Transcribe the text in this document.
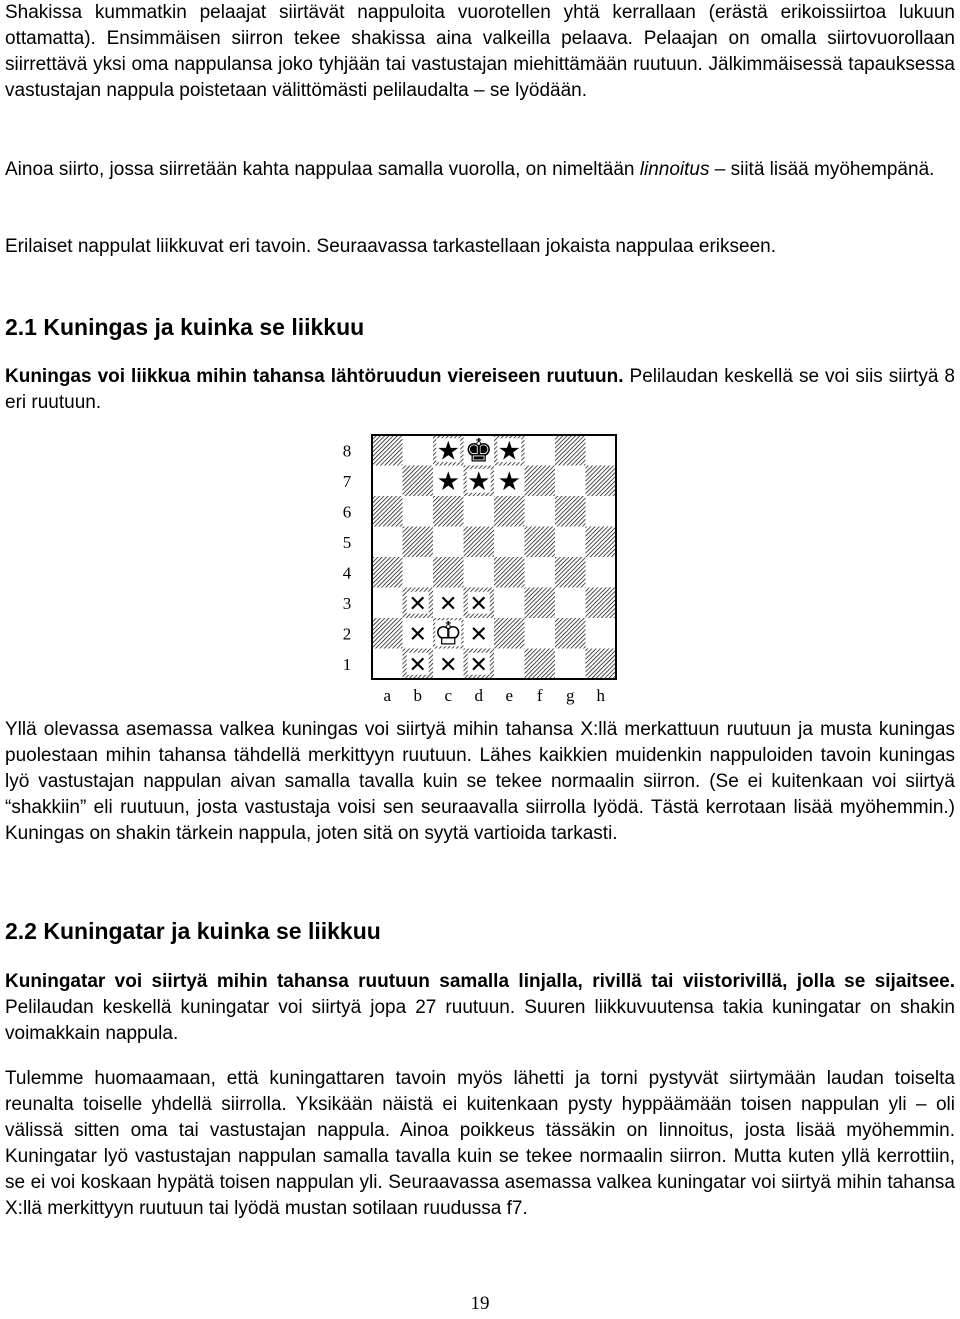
Shakissa kummatkin pelaajat siirtävät nappuloita vuorotellen yhtä kerrallaan (erästä erikoissiirtoa lukuun ottamatta). Ensimmäisen siirron tekee shakissa aina valkeilla pelaava. Pelaajan on omalla siirtovuorollaan siirrettävä yksi oma nappulansa joko tyhjään tai vastustajan miehittämään ruutuun. Jälkimmäisessä tapauksessa vastustajan nappula poistetaan välittömästi pelilaudalta – se lyödään.

Ainoa siirto, jossa siirretään kahta nappulaa samalla vuorolla, on nimeltään linnoitus – siitä lisää myöhempänä.

Erilaiset nappulat liikkuvat eri tavoin. Seuraavassa tarkastellaan jokaista nappulaa erikseen.

2.1 Kuningas ja kuinka se liikkuu

Kuningas voi liikkua mihin tahansa lähtöruudun viereiseen ruutuun. Pelilaudan keskellä se voi siis siirtyä 8 eri ruutuun.

★ ★
★ ★ ★
✕ ✕ ✕
✕ ✕
✕ ✕ ✕
♚
♔
8
7
6
5
4
3
2
1
a b c d e f g h

Yllä olevassa asemassa valkea kuningas voi siirtyä mihin tahansa X:llä merkattuun ruutuun ja musta kuningas puolestaan mihin tahansa tähdellä merkittyyn ruutuun. Lähes kaikkien muidenkin nappuloiden tavoin kuningas lyö vastustajan nappulan aivan samalla tavalla kuin se tekee normaalin siirron. (Se ei kuitenkaan voi siirtyä “shakkiin” eli ruutuun, josta vastustaja voisi sen seuraavalla siirrolla lyödä. Tästä kerrotaan lisää myöhemmin.) Kuningas on shakin tärkein nappula, joten sitä on syytä vartioida tarkasti.

2.2 Kuningatar ja kuinka se liikkuu

Kuningatar voi siirtyä mihin tahansa ruutuun samalla linjalla, rivillä tai viistorivillä, jolla se sijaitsee. Pelilaudan keskellä kuningatar voi siirtyä jopa 27 ruutuun. Suuren liikkuvuutensa takia kuningatar on shakin voimakkain nappula.

Tulemme huomaamaan, että kuningattaren tavoin myös lähetti ja torni pystyvät siirtymään laudan toiselta reunalta toiselle yhdellä siirrolla. Yksikään näistä ei kuitenkaan pysty hyppäämään toisen nappulan yli – oli välissä sitten oma tai vastustajan nappula. Ainoa poikkeus tässäkin on linnoitus, josta lisää myöhemmin. Kuningatar lyö vastustajan nappulan samalla tavalla kuin se tekee normaalin siirron. Mutta kuten yllä kerrottiin, se ei voi koskaan hypätä toisen nappulan yli. Seuraavassa asemassa valkea kuningatar voi siirtyä mihin tahansa X:llä merkittyyn ruutuun tai lyödä mustan sotilaan ruudussa f7.

19
